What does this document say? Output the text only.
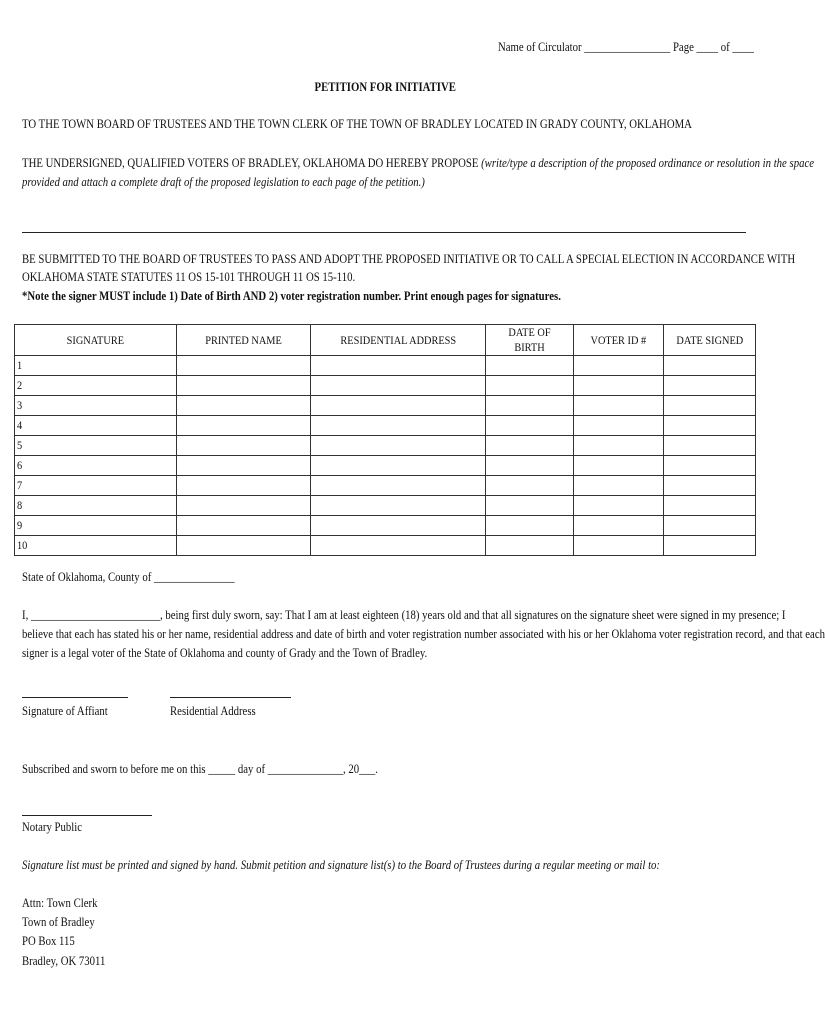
Name of Circulator ________________ Page ____ of ____
PETITION FOR INITIATIVE
TO THE TOWN BOARD OF TRUSTEES AND THE TOWN CLERK OF THE TOWN OF BRADLEY LOCATED IN GRADY COUNTY, OKLAHOMA
THE UNDERSIGNED, QUALIFIED VOTERS OF BRADLEY, OKLAHOMA DO HEREBY PROPOSE (write/type a description of the proposed ordinance or resolution in the space
provided and attach a complete draft of the proposed legislation to each page of the petition.)
BE SUBMITTED TO THE BOARD OF TRUSTEES TO PASS AND ADOPT THE PROPOSED INITIATIVE OR TO CALL A SPECIAL ELECTION IN ACCORDANCE WITH
OKLAHOMA STATE STATUTES 11 OS 15-101 THROUGH 11 OS 15-110.
*Note the signer MUST include 1) Date of Birth AND 2) voter registration number. Print enough pages for signatures.
SIGNATURE	PRINTED NAME	RESIDENTIAL ADDRESS	DATE OF BIRTH	VOTER ID #	DATE SIGNED
1					
2					
3					
4					
5					
6					
7					
8					
9					
10					
State of Oklahoma, County of _______________
I, ________________________, being first duly sworn, say: That I am at least eighteen (18) years old and that all signatures on the signature sheet were signed in my presence; I
believe that each has stated his or her name, residential address and date of birth and voter registration number associated with his or her Oklahoma voter registration record, and that each
signer is a legal voter of the State of Oklahoma and county of Grady and the Town of Bradley.
Signature of Affiant	Residential Address
Subscribed and sworn to before me on this _____ day of ______________, 20___.
Notary Public
Signature list must be printed and signed by hand. Submit petition and signature list(s) to the Board of Trustees during a regular meeting or mail to:
Attn: Town Clerk
Town of Bradley
PO Box 115
Bradley, OK 73011
